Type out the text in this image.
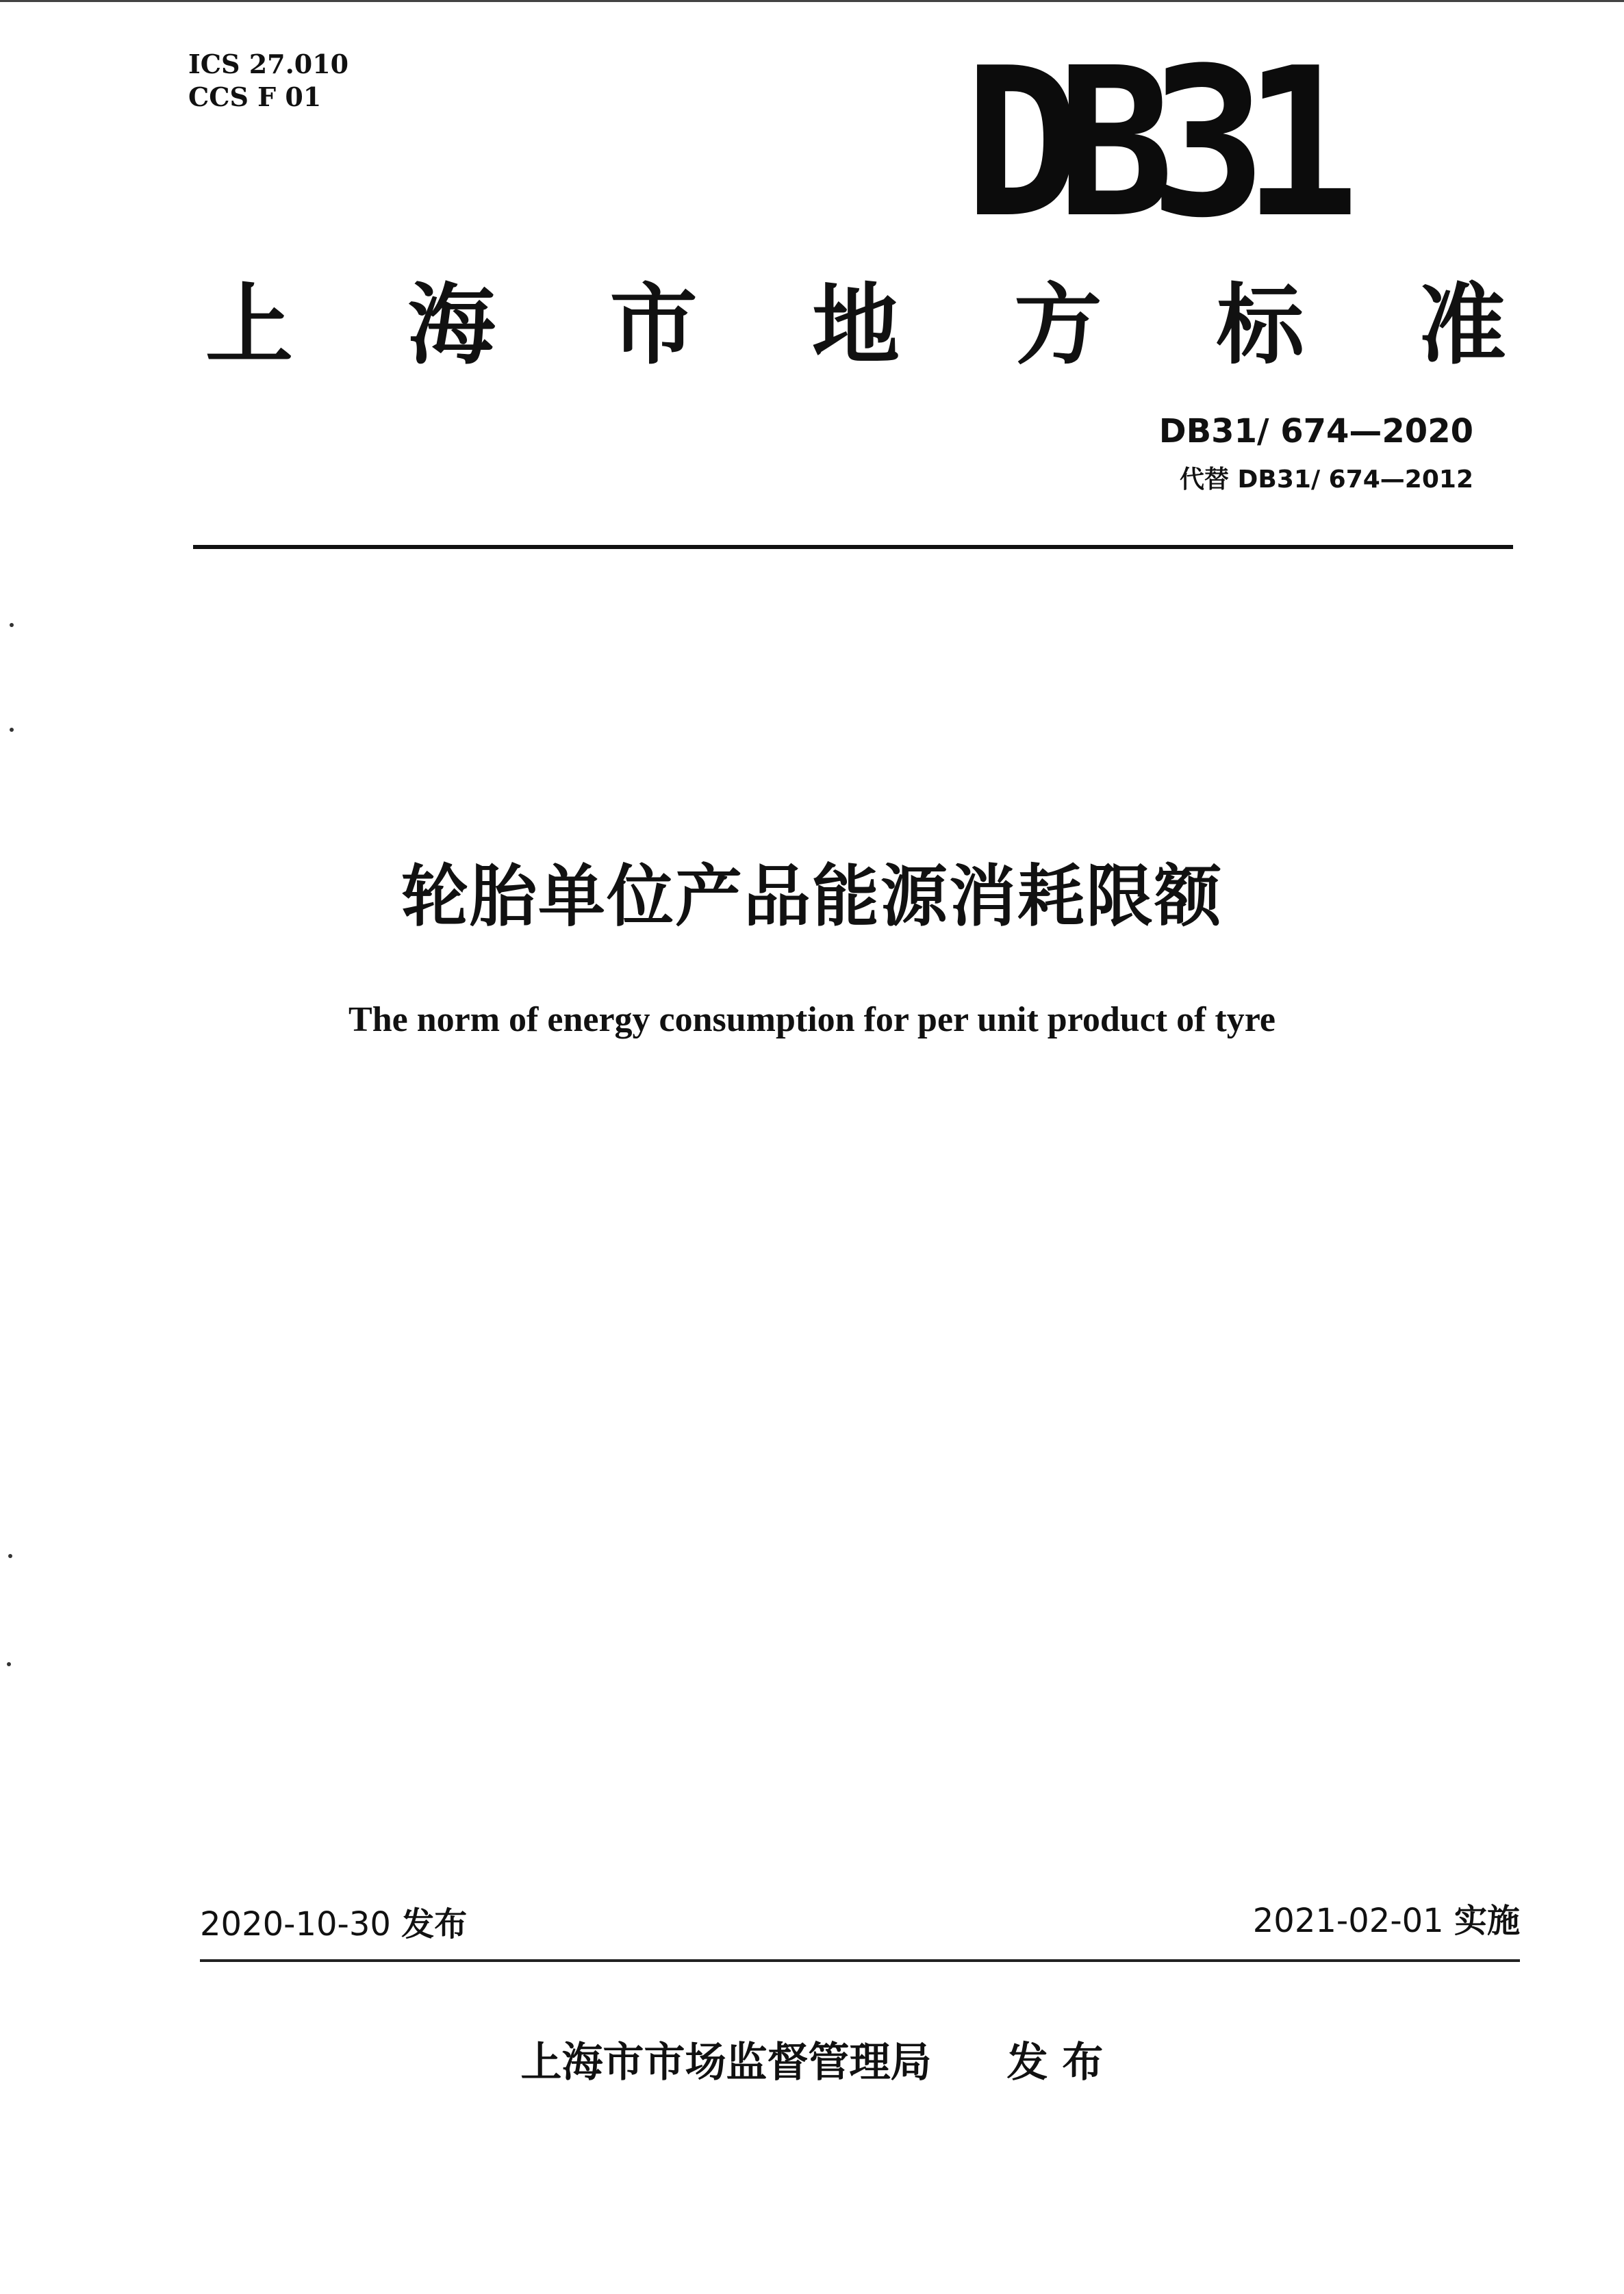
ICS 27.010
CCS F 01	DB31
上 海 市 地 方 标 准
DB31/ 674—2020
代替 DB31/ 674—2012
轮胎单位产品能源消耗限额
The norm of energy consumption for per unit product of tyre
2020-10-30 发布	2021-02-01 实施
上海市市场监督管理局 发 布
